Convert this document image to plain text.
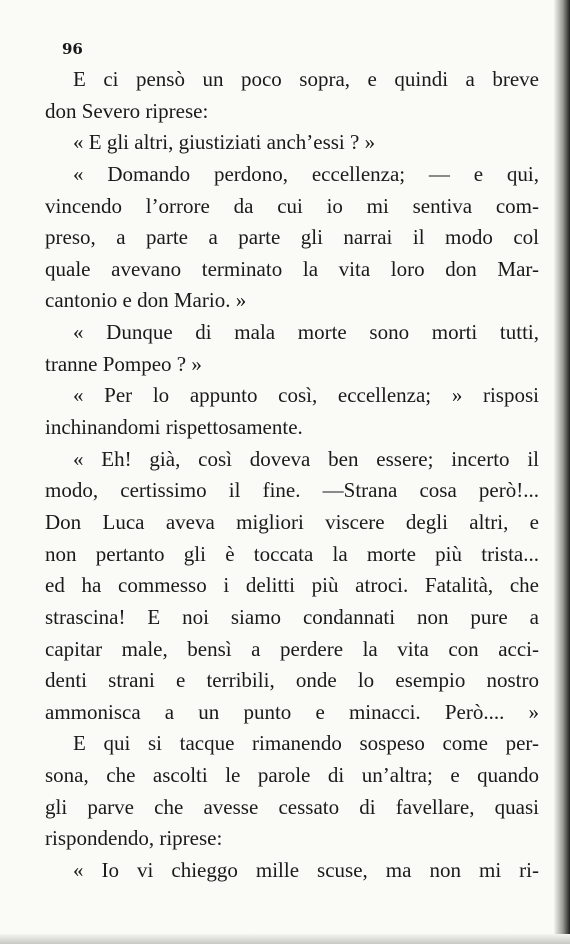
96
E ci pensò un poco sopra, e quindi a breve
don Severo riprese:
« E gli altri, giustiziati anch’essi ? »
« Domando perdono, eccellenza; — e qui,
vincendo l’orrore da cui io mi sentiva com-
preso, a parte a parte gli narrai il modo col
quale avevano terminato la vita loro don Mar-
cantonio e don Mario. »
« Dunque di mala morte sono morti tutti,
tranne Pompeo ? »
« Per lo appunto così, eccellenza; » risposi
inchinandomi rispettosamente.
« Eh! già, così doveva ben essere; incerto il
modo, certissimo il fine. —Strana cosa però!...
Don Luca aveva migliori viscere degli altri, e
non pertanto gli è toccata la morte più trista...
ed ha commesso i delitti più atroci. Fatalità, che
strascina! E noi siamo condannati non pure a
capitar male, bensì a perdere la vita con acci-
denti strani e terribili, onde lo esempio nostro
ammonisca a un punto e minacci. Però.... »
E qui si tacque rimanendo sospeso come per-
sona, che ascolti le parole di un’altra; e quando
gli parve che avesse cessato di favellare, quasi
rispondendo, riprese:
« Io vi chieggo mille scuse, ma non mi ri-
